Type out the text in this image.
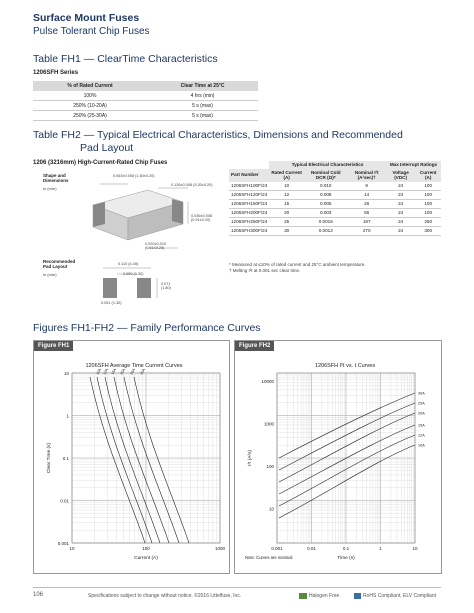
Surface Mount Fuses
Pulse Tolerant Chip Fuses
Table FH1 — ClearTime Characteristics
1206SFH Series
% of Rated Current	Clear Time at 25°C
100%	4 hrs (min)
250% (10-20A)	5 s (max)
250% (25-30A)	5 s (max)
Table FH2 — Typical Electrical Characteristics, Dimensions and Recommended
Pad Layout
1206 (3216mm) High-Current-Rated Chip Fuses
Shape and Dimensions
in (mm)
0.063±0.008 (1.60±0.20)
0.126±0.008 (3.20±0.20)
0.036±0.008 (0.91±0.20)
0.020±0.010 (0.51±0.25)
Recommended Pad Layout
in (mm)
0.110 (4.40)
0.050 (1.30)
0.071 (1.80)
0.051 (1.30)
	Typical Electrical Characteristics			Max Interrupt Ratings	
Part Number	Rated Current (A)	Nominal Cold DCR (Ω)*	Nominal I²t (A²sec)†	Voltage (VDC)	Current (A)
1206SFH100F/24	10	0.010	9	24	100
1206SFH120F/24	12	0.008	14	24	100
1206SFH150F/24	15	0.005	26	24	100
1206SFH200F/24	20	0.003	56	24	100
1206SFH250F/24	25	0.0016	187	24	250
1206SFH300F/24	30	0.0012	270	24	300
* Measured at ≤10% of rated current and 25°C ambient temperature.
† Melting I²t at 0.001 sec clear time.
Figures FH1-FH2 — Family Performance Curves
Figure FH1
1206SFH Average Time Current Curves
10
1
0.1
0.01
0.001
10	100	1000
Clear Time (s)
Current (A)
10A 12A 15A 20A 25A 30A
Figure FH2
1206SFH I²t vs. t Curves
10000
1000
100
10
0.001	0.01	0.1	1	10
I²t (A²s)
Time (s)
Note: Curves are nominal
30A
25A
20A
15A
12A
10A
106	Specifications subject to change without notice. ©2016 Littelfuse, Inc.	Halogen Free	RoHS Compliant, ELV Compliant
